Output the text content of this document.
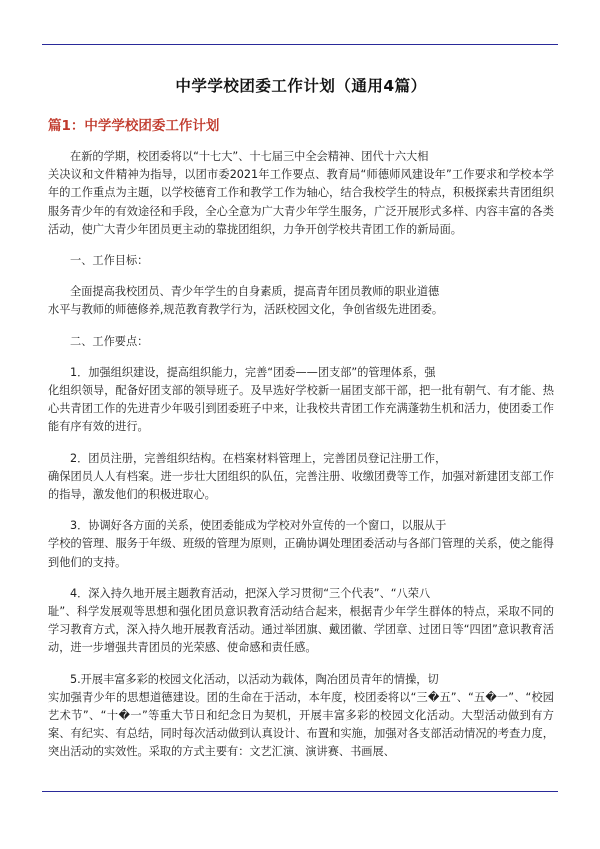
中学学校团委工作计划（通用4篇）
篇1：中学学校团委工作计划

在新的学期，校团委将以“十七大”、十七届三中全会精神、团代十六大相

关决议和文件精神为指导，以团市委2021年工作要点、教育局“师德师风建设年”工作要求和学校本学年的工作重点为主题，以学校德育工作和教学工作为轴心，结合我校学生的特点，积极探索共青团组织服务青少年的有效途径和手段，全心全意为广大青少年学生服务，广泛开展形式多样、内容丰富的各类活动，使广大青少年团员更主动的靠拢团组织，力争开创学校共青团工作的新局面。

一、工作目标：

全面提高我校团员、青少年学生的自身素质，提高青年团员教师的职业道德

水平与教师的师德修养,规范教育教学行为，活跃校园文化，争创省级先进团委。

二、工作要点：

1．加强组织建设，提高组织能力，完善“团委——团支部”的管理体系，强

化组织领导，配备好团支部的领导班子。及早选好学校新一届团支部干部，把一批有朝气、有才能、热心共青团工作的先进青少年吸引到团委班子中来，让我校共青团工作充满蓬勃生机和活力，使团委工作能有序有效的进行。

2．团员注册，完善组织结构。在档案材料管理上，完善团员登记注册工作，

确保团员人人有档案。进一步壮大团组织的队伍，完善注册、收缴团费等工作，加强对新建团支部工作的指导，激发他们的积极进取心。

3．协调好各方面的关系，使团委能成为学校对外宣传的一个窗口，以服从于

学校的管理、服务于年级、班级的管理为原则，正确协调处理团委活动与各部门管理的关系，使之能得到他们的支持。

4．深入持久地开展主题教育活动，把深入学习贯彻“三个代表”、“八荣八

耻”、科学发展观等思想和强化团员意识教育活动结合起来，根据青少年学生群体的特点，采取不同的学习教育方式，深入持久地开展教育活动。通过举团旗、戴团徽、学团章、过团日等“四团”意识教育活动，进一步增强共青团员的光荣感、使命感和责任感。

5.开展丰富多彩的校园文化活动，以活动为载体，陶冶团员青年的情操，切

实加强青少年的思想道德建设。团的生命在于活动，本年度，校团委将以“三�五”、“五�一”、“校园艺术节”、“十�一”等重大节日和纪念日为契机，开展丰富多彩的校园文化活动。大型活动做到有方案、有纪实、有总结，同时每次活动做到认真设计、布置和实施，加强对各支部活动情况的考查力度，突出活动的实效性。采取的方式主要有：文艺汇演、演讲赛、书画展、
